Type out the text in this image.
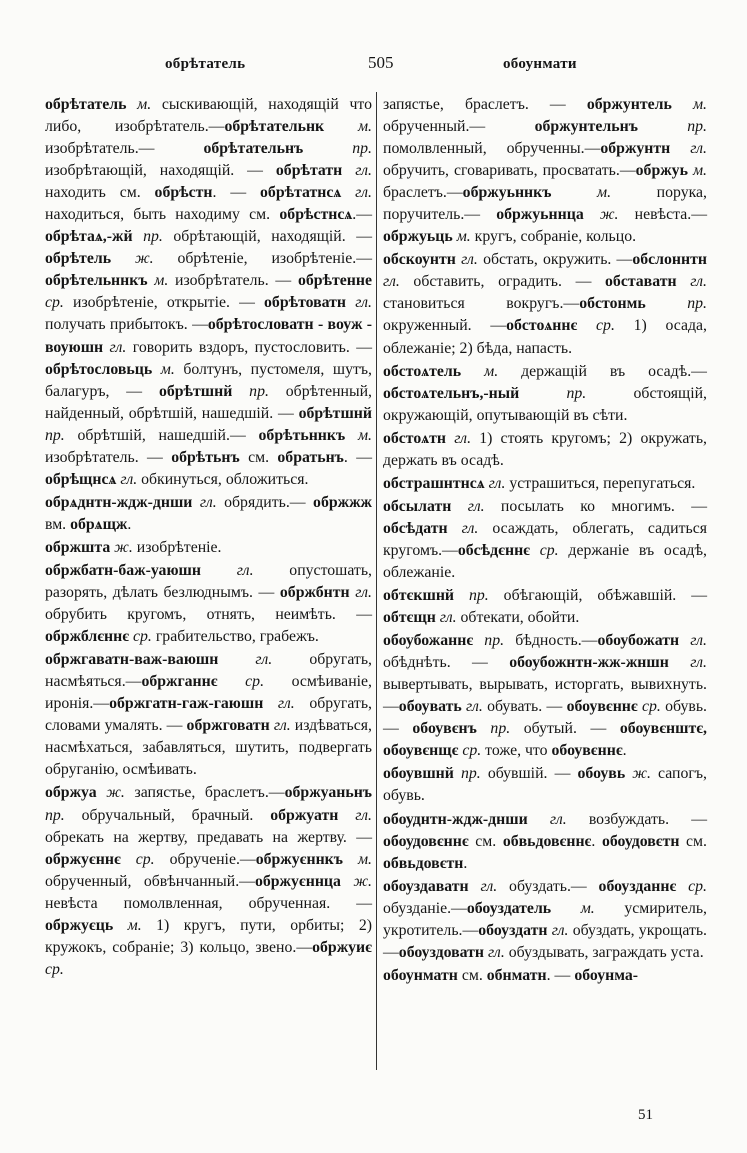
обрѣтатель	505	обоунмати
обрѣтатель м. сыскивающій, находящій что либо, изобрѣтатель.—обрѣтательнк м. изобрѣтатель.— обрѣтательнъ пр. изобрѣтающій, находящій. — обрѣтатн гл. находить см. обрѣстн. — обрѣтатнсѧ гл. находиться, быть находиму см. обрѣстнсѧ.—обрѣтаѧ,-жй пр. обрѣтающій, находящій. — обрѣтель ж. обрѣтеніе, изобрѣтеніе.— обрѣтельннкъ м. изобрѣтатель. — обрѣтенне ср. изобрѣтеніе, открытіе. — обрѣтоватн гл. получать прибытокъ. —обрѣтословатн - воуж - воуюшн гл. говорить вздоръ, пустословить. —обрѣтословьць м. болтунъ, пустомеля, шутъ, балагуръ, — обрѣтшнй пр. обрѣтенный, найденный, обрѣтшій, нашедшій. — обрѣтшнй пр. обрѣтшій, нашедшій.— обрѣтьннкъ м. изобрѣтатель. — обрѣтьнъ см. обратьнъ. — обрѣщнсѧ гл. обкинуться, обложиться.
обрѧднтн-ждж-днши гл. обрядить.— обржжж вм. обрѧщж.
обржшта ж. изобрѣтеніе.
обржбатн-баж-уаюшн гл. опустошать, разорять, дѣлать безлюднымъ. — обржбнтн гл. обрубить кругомъ, отнять, неимѣть. — обржблєннє ср. грабительство, грабежъ.
обржгаватн-важ-ваюшн гл. обругать, насмѣяться.—обржганнє ср. осмѣиваніе, иронія.—обржгатн-гаж-гаюшн гл. обругать, словами умалять. — обржговатн гл. издѣваться, насмѣхаться, забавляться, шутить, подвергать обруганію, осмѣивать.
обржуа ж. запястье, браслетъ.—обржуаньнъ пр. обручальный, брачный. обржуатн гл. обрекать на жертву, предавать на жертву. — обржуєннє ср. обрученіе.—обржуєннкъ м. обрученный, обвѣнчанный.—обржуєннца ж. невѣста помолвленная, обрученная. — обржуєць м. 1) кругъ, пути, орбиты; 2) кружокъ, собраніе; 3) кольцо, звено.—обржуиє ср.
запястье, браслетъ. — обржунтель м. обрученный.— обржунтельнъ пр. помолвленный, обрученны.—обржунтн гл. обручить, сговаривать, просватать.—обржуь м. браслетъ.—обржуьннкъ м. порука, поручитель.— обржуьннца ж. невѣста.—обржуьць м. кругъ, собраніе, кольцо.
обскоунтн гл. обстать, окружить. —обслоннтн гл. обставить, оградить. — обставатн гл. становиться вокругъ.—обстонмь пр. окруженный. —обстоѧннє ср. 1) осада, облежаніе; 2) бѣда, напасть.
обстоѧтель м. держащій въ осадѣ.— обстоѧтельнъ,-ный пр. обстоящій, окружающій, опутывающій въ сѣти.
обстоѧтн гл. 1) стоять кругомъ; 2) окружать, держать въ осадѣ.
обстрашнтнсѧ гл. устрашиться, перепугаться.
обсылатн гл. посылать ко многимъ. —обсѣдатн гл. осаждать, облегать, садиться кругомъ.—обсѣдєннє ср. держаніе въ осадѣ, облежаніе.
обтєкшнй пр. обѣгающій, обѣжавшій. —обтєщн гл. обтекати, обойти.
обоубожаннє пр. бѣдность.—обоубожатн гл. обѣднѣть. — обоубожнтн-жж-жншн гл. вывертывать, вырывать, исторгать, вывихнуть.—обоувать гл. обувать. — обоувєннє ср. обувь. — обоувєнъ пр. обутый. — обоувєнштє, обоувєнщє ср. тоже, что обоувєннє.
обоувшнй пр. обувшій. — обоувь ж. сапогъ, обувь.
обоуднтн-ждж-днши гл. возбуждать. —обоудовєннє см. обвьдовєннє. обоудовєтн см. обвьдовєтн.
обоуздаватн гл. обуздать.— обоузданнє ср. обузданіе.—обоуздатель м. усмиритель, укротитель.—обоуздатн гл. обуздать, укрощать.—обоуздоватн гл. обуздывать, заграждать уста.
обоунматн см. обнматн. — обоунма-
51
